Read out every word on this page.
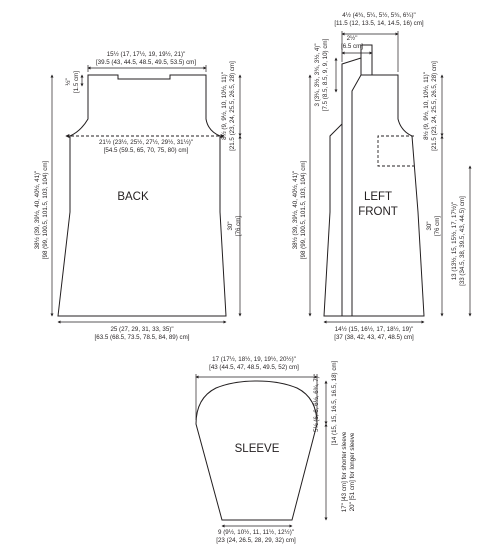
15½ (17, 17½, 19, 19½, 21)"
[39.5 (43, 44.5, 48.5, 49.5, 53.5) cm]
½" [1.5 cm]
21½ (23½, 25½, 27½, 29½, 31½)"
[54.5 (59.5, 65, 70, 75, 80) cm]
38½ (39, 39½, 40, 40½, 41)" [98 (99, 100.5, 101.5, 103, 104) cm]
8½ (9, 9½, 10, 10½, 11)" [21.5 (23, 24, 25.5, 26.5, 28) cm]
30" [76 cm]
25 (27, 29, 31, 33, 35)"
[63.5 (68.5, 73.5, 78.5, 84, 89) cm]
BACK
4½ (4¾, 5¼, 5½, 5¾, 6¼)"
[11.5 (12, 13.5, 14, 14.5, 16) cm]
2½"
[6.5 cm]
3 (3¼, 3½, 3¾, 3½, 4)" [7.5 (8.5, 8.5, 9, 9, 10) cm]
38½ (39, 39½, 40, 40½, 41)" [98 (99, 100.5, 101.5, 103, 104) cm]
8½ (9, 9½, 10, 10½, 11)" [21.5 (23, 24, 25.5, 26.5, 28) cm]
30" [76 cm] 13 (13½, 15, 15½, 17, 17½)" [33 (34.5, 38, 39.5, 43, 44.5) cm]
14½ (15, 16½, 17, 18½, 19)"
[37 (38, 42, 43, 47, 48.5) cm]
LEFT
FRONT
17 (17½, 18½, 19, 19½, 20½)"
[43 (44.5, 47, 48.5, 49.5, 52) cm]
5½ (6, 6, 6½, 6¾, 7)" [14 (15, 15, 16.5, 16.5, 18) cm]
17" [43 cm] for shorter sleeve 20" [51 cm] for longer sleeve
9 (9½, 10½, 11, 11½, 12½)"
[23 (24, 26.5, 28, 29, 32) cm]
SLEEVE
